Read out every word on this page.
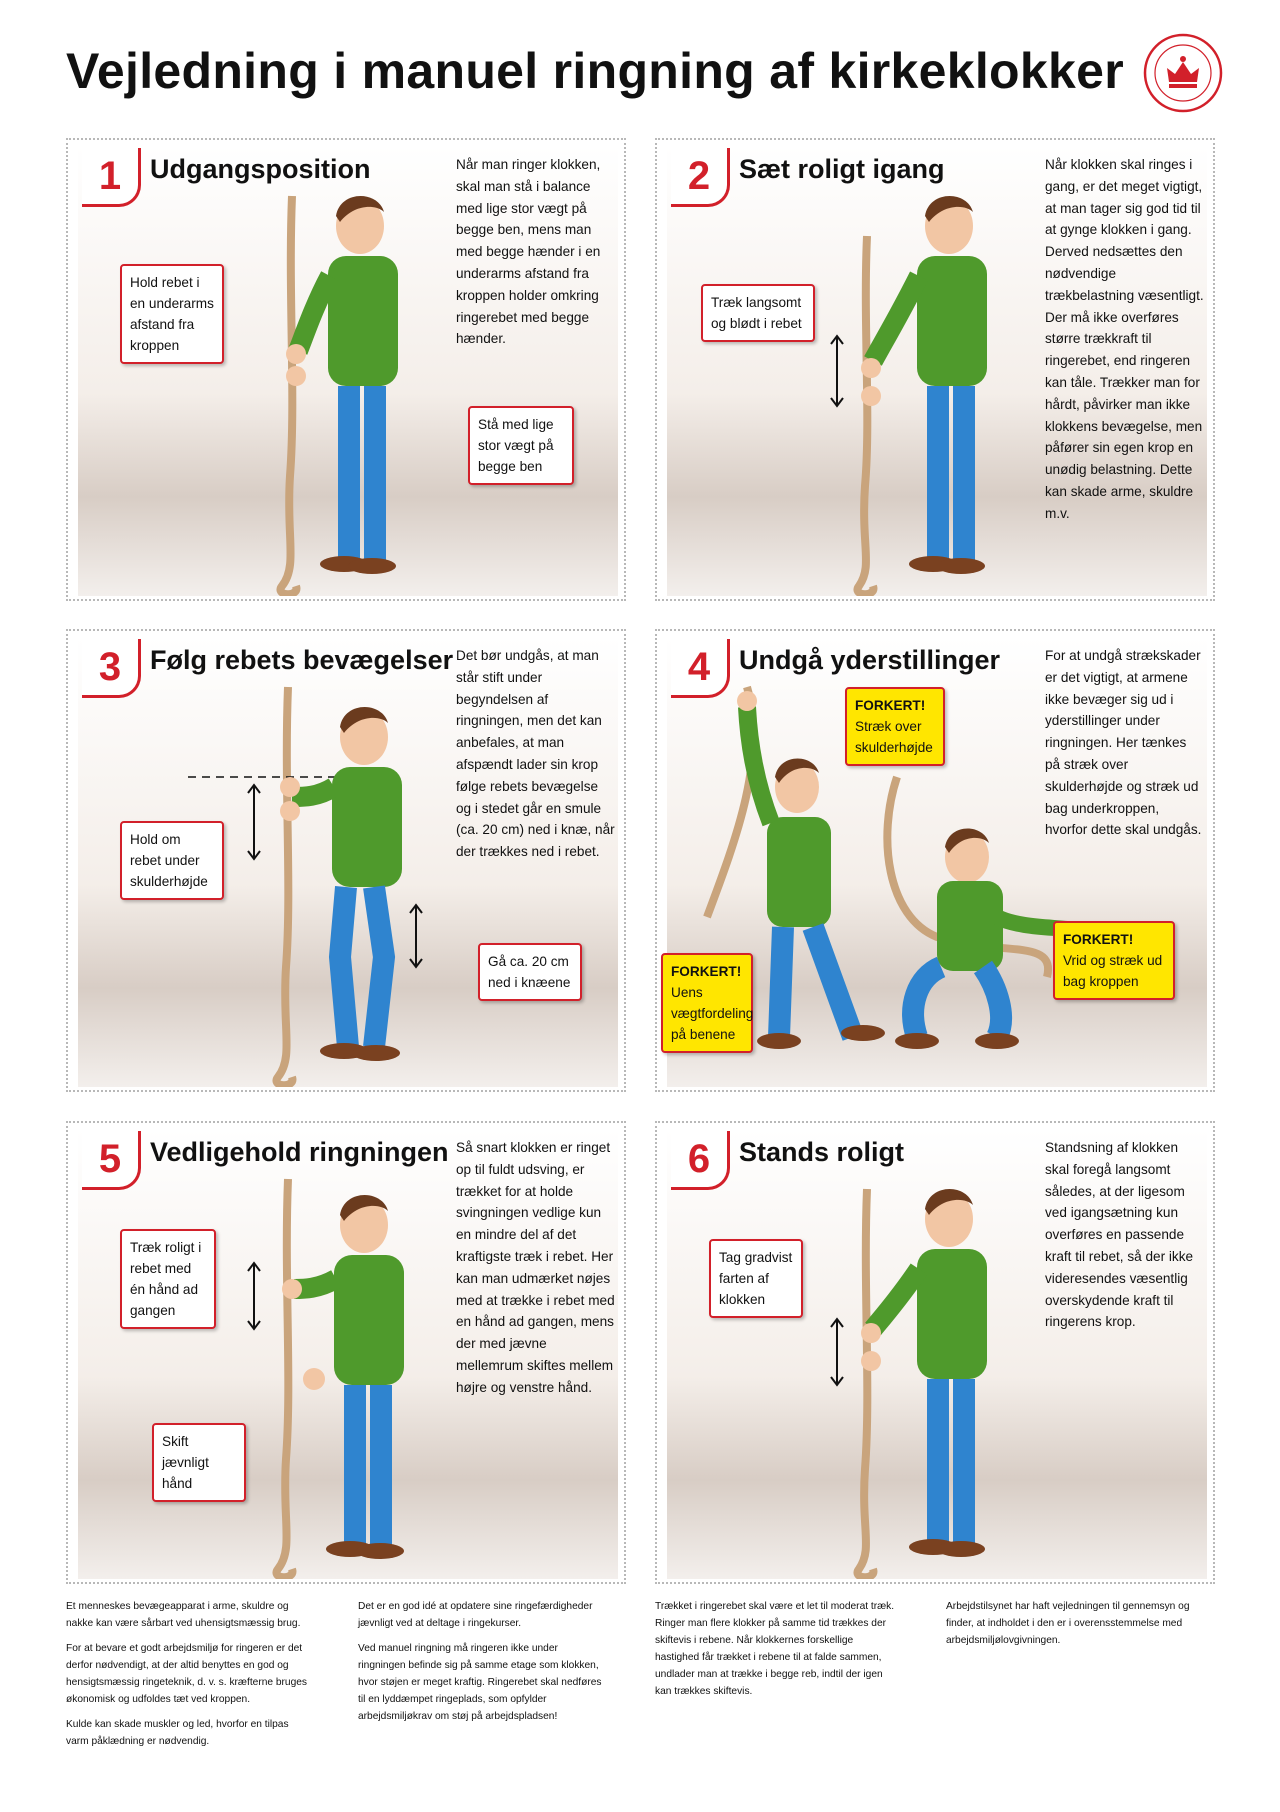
Vejledning i manuel ringning af kirkeklokker
1	Udgangsposition	Når man ringer klokken, skal man stå i balance med lige stor vægt på begge ben, mens man med begge hænder i en underarms afstand fra kroppen holder omkring ringerebet med begge hænder.
Hold rebet i en underarms afstand fra kroppen
Stå med lige stor vægt på begge ben
2	Sæt roligt igang	Når klokken skal ringes i gang, er det meget vigtigt, at man tager sig god tid til at gynge klokken i gang. Derved nedsættes den nødvendige trækbelastning væsentligt. Der må ikke overføres større trækkraft til ringerebet, end ringeren kan tåle. Trækker man for hårdt, påvirker man ikke klokkens bevægelse, men påfører sin egen krop en unødig belastning. Dette kan skade arme, skuldre m.v.
Træk langsomt og blødt i rebet
3	Følg rebets bevægelser Det bør undgås, at man står stift under begyndelsen af ringningen, men det kan anbefales, at man afspændt lader sin krop følge rebets bevægelse og i stedet går en smule (ca. 20 cm) ned i knæ, når der trækkes ned i rebet.
Hold om rebet under skulderhøjde
Gå ca. 20 cm ned i knæene
4	Undgå yderstillinger	For at undgå strækskader er det vigtigt, at armene ikke bevæger sig ud i yderstillinger under ringningen. Her tænkes på stræk over skulderhøjde og stræk ud bag underkroppen, hvorfor dette skal undgås.
FORKERT!
Stræk over skulderhøjde
FORKERT!
Vrid og stræk ud bag kroppen
FORKERT!
Uens vægtfordeling på benene
5	Vedligehold ringningen Så snart klokken er ringet op til fuldt udsving, er trækket for at holde svingningen vedlige kun en mindre del af det kraftigste træk i rebet. Her kan man udmærket nøjes med at trække i rebet med en hånd ad gangen, mens der med jævne mellemrum skiftes mellem højre og venstre hånd.
Træk roligt i rebet med én hånd ad gangen
Skift jævnligt hånd
6	Stands roligt	Standsning af klokken skal foregå langsomt således, at der ligesom ved igangsætning kun overføres en passende kraft til rebet, så der ikke videresendes væsentlig overskydende kraft til ringerens krop.
Tag gradvist farten af klokken

Et menneskes bevægeapparat i arme, skuldre og nakke kan være sårbart ved uhensigtsmæssig brug.

For at bevare et godt arbejdsmiljø for ringeren er det derfor nødvendigt, at der altid benyttes en god og hensigtsmæssig ringeteknik, d. v. s. kræfterne bruges økonomisk og udfoldes tæt ved kroppen.

Kulde kan skade muskler og led, hvorfor en tilpas varm påklædning er nødvendig.

Det er en god idé at opdatere sine ringefærdigheder jævnligt ved at deltage i ringekurser.

Ved manuel ringning må ringeren ikke under ringningen befinde sig på samme etage som klokken, hvor støjen er meget kraftig. Ringerebet skal nedføres til en lyddæmpet ringeplads, som opfylder arbejdsmiljøkrav om støj på arbejdspladsen!

Trækket i ringerebet skal være et let til moderat træk. Ringer man flere klokker på samme tid trækkes der skiftevis i rebene. Når klokkernes forskellige hastighed får trækket i rebene til at falde sammen, undlader man at trække i begge reb, indtil der igen kan trækkes skiftevis.

Arbejdstilsynet har haft vejledningen til gennemsyn og finder, at indholdet i den er i overensstemmelse med arbejdsmiljølovgivningen.
